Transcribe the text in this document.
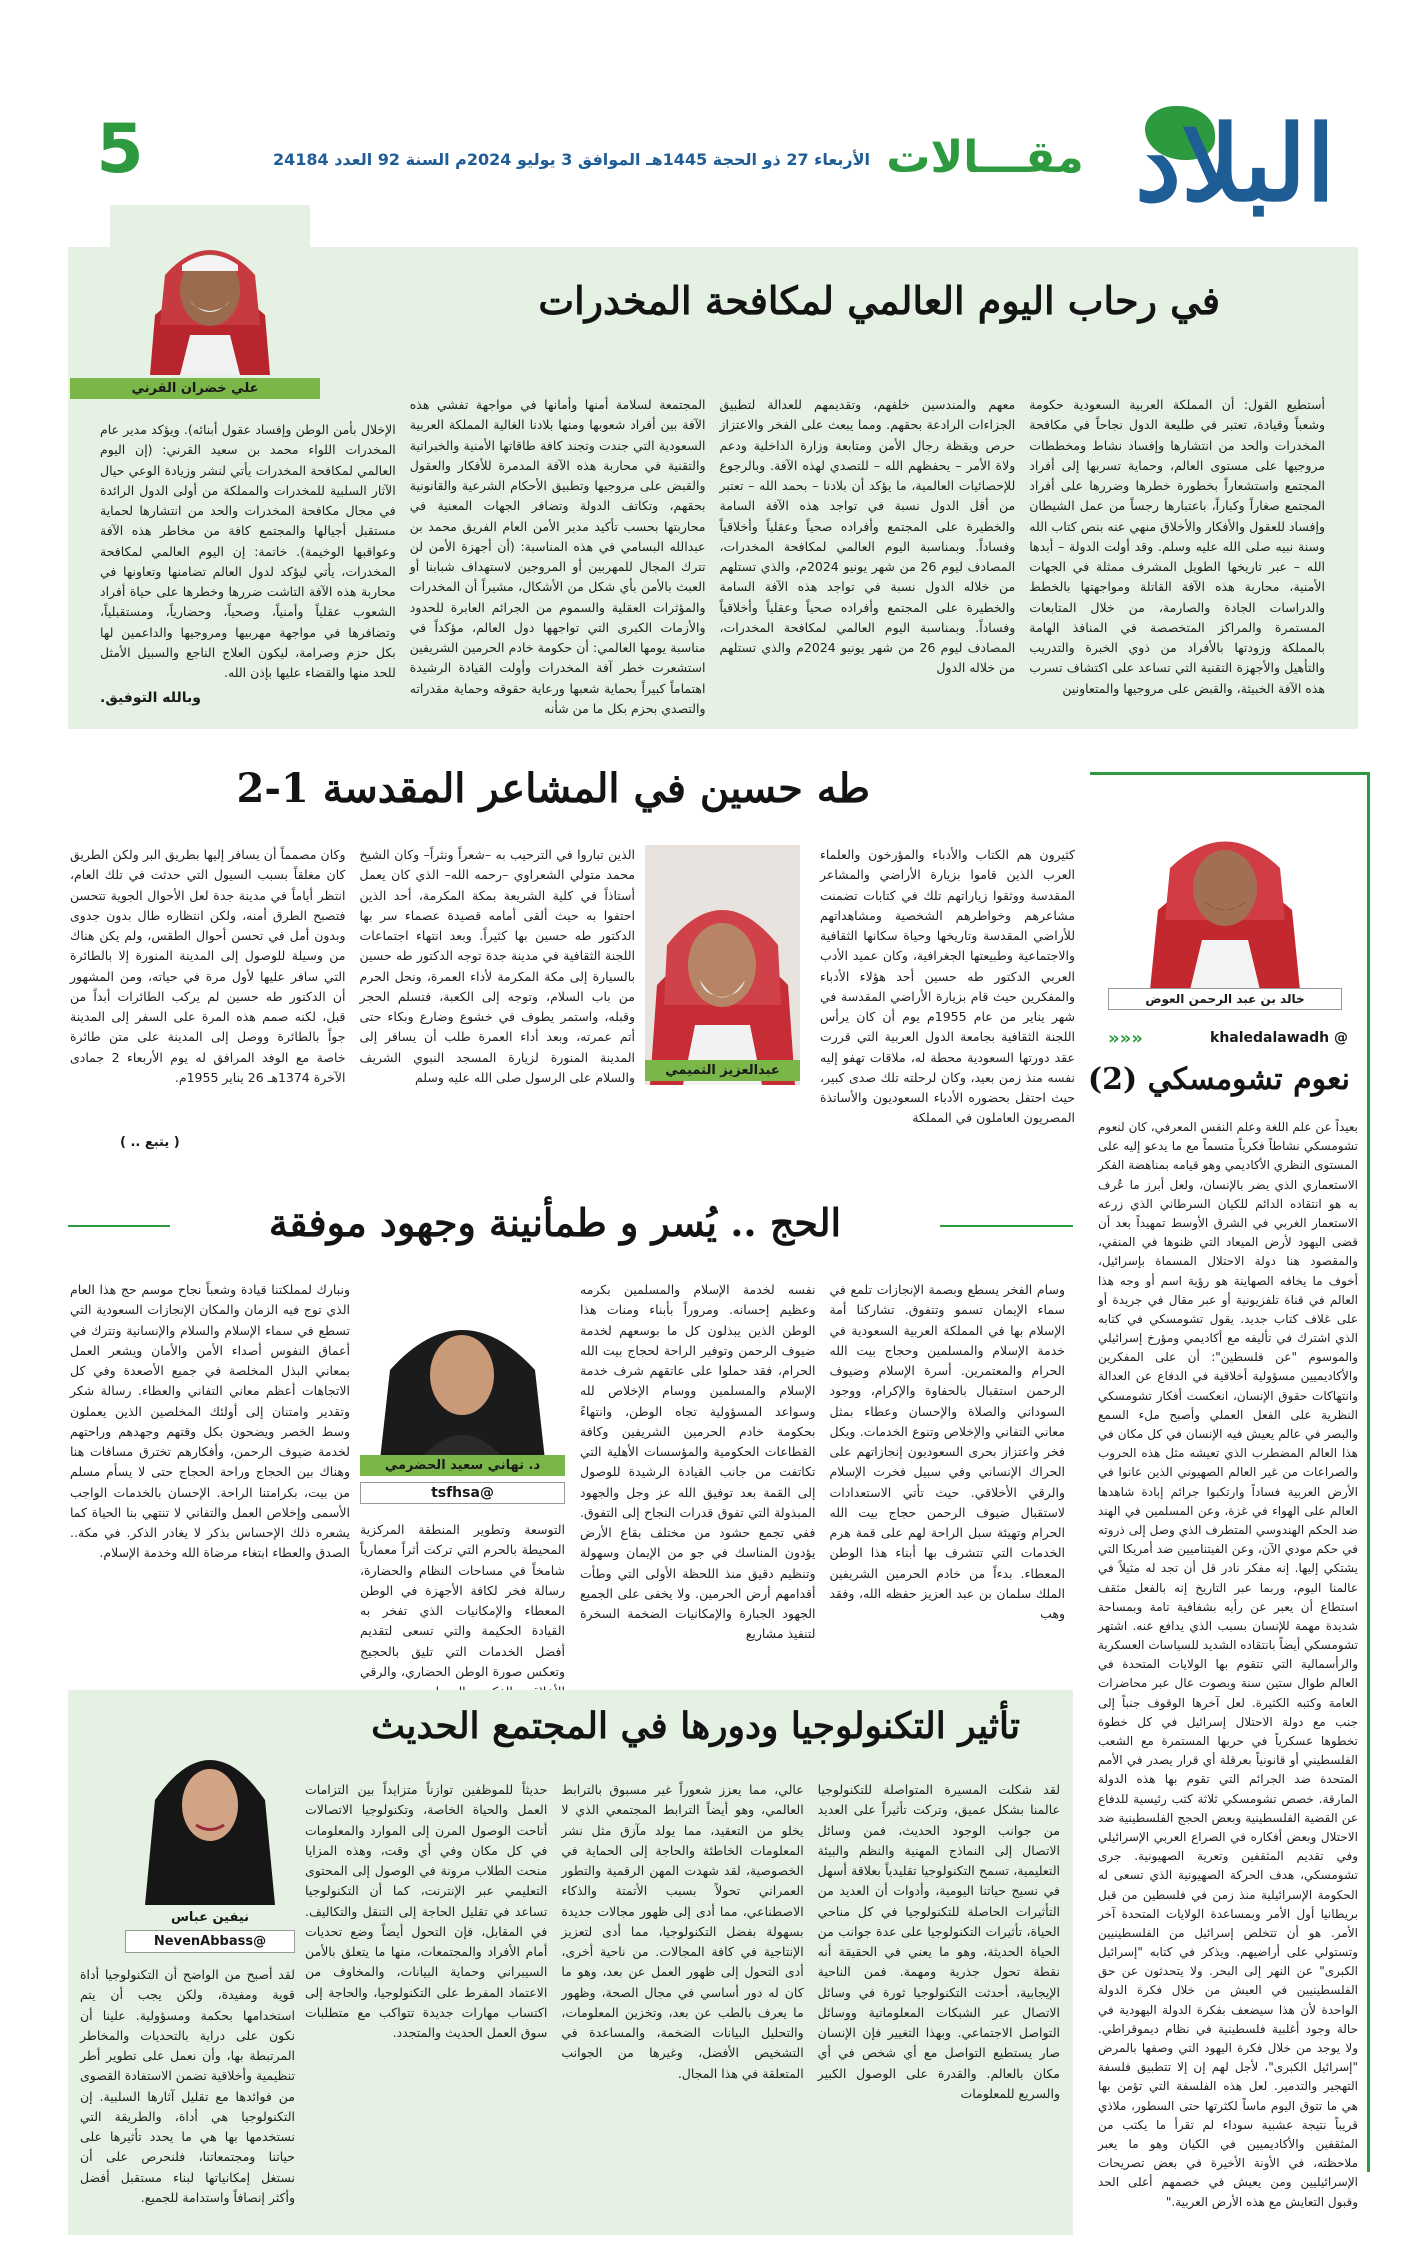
البلاد
مقـــالات
الأربعاء 27 ذو الحجة 1445هـ الموافق 3 يوليو 2024م السنة 92 العدد 24184
5
في رحاب اليوم العالمي لمكافحة المخدرات
علي خضران القرني
أستطيع القول: أن المملكة العربية السعودية حكومة وشعباً وقيادة، تعتبر في طليعة الدول نجاحاً في مكافحة المخدرات والحد من انتشارها وإفساد نشاط ومخططات مروجيها على مستوى العالم، وحماية تسربها إلى أفراد المجتمع واستشعاراً بخطورة خطرها وضررها على أفراد المجتمع صغاراً وكباراً، باعتبارها رجساً من عمل الشيطان وإفساد للعقول والأفكار والأخلاق منهي عنه بنص كتاب الله وسنة نبيه صلى الله عليه وسلم. وقد أولت الدولة – أبدها الله – عبر تاريخها الطويل المشرف ممثلة في الجهات الأمنية، محاربة هذه الآفة القاتلة ومواجهتها بالخطط والدراسات الجادة والصارمة، من خلال المتابعات المستمرة والمراكز المتخصصة في المنافذ الهامة بالمملكة وزودتها بالأفراد من ذوي الخبرة والتدريب والتأهيل والأجهزة التقنية التي تساعد على اكتشاف تسرب هذه الآفة الخبيثة، والقبض على مروجيها والمتعاونين
معهم والمندسين خلفهم، وتقديمهم للعدالة لتطبيق الجزاءات الرادعة بحقهم. ومما يبعث على الفخر والاعتزاز حرص ويقظة رجال الأمن ومتابعة وزارة الداخلية ودعم ولاة الأمر – يحفظهم الله – للتصدي لهذه الآفة. وبالرجوع للإحصائيات العالمية، ما يؤكد أن بلادنا – بحمد الله – تعتبر من أقل الدول نسبة في تواجد هذه الآفة السامة والخطيرة على المجتمع وأفراده صحياً وعقلياً وأخلاقياً وفساداً. وبمناسبة اليوم العالمي لمكافحة المخدرات، المصادف ليوم 26 من شهر يونيو 2024م، والذي تستلهم من خلاله الدول نسبة في تواجد هذه الآفة السامة والخطيرة على المجتمع وأفراده صحياً وعقلياً وأخلاقياً وفساداً. وبمناسبة اليوم العالمي لمكافحة المخدرات، المصادف ليوم 26 من شهر يونيو 2024م والذي تستلهم من خلاله الدول
المجتمعة لسلامة أمنها وأمانها في مواجهة تفشي هذه الآفة بين أفراد شعوبها ومنها بلادنا الغالية المملكة العربية السعودية التي جندت وتجند كافة طاقاتها الأمنية والخبراتية والتقنية في محاربة هذه الآفة المدمرة للأفكار والعقول والقبض على مروجيها وتطبيق الأحكام الشرعية والقانونية بحقهم، وتكاتف الدولة وتضافر الجهات المعنية في محاربتها بحسب تأكيد مدير الأمن العام الفريق محمد بن عبدالله البسامي في هذه المناسبة: (أن أجهزة الأمن لن تترك المجال للمهربين أو المروجين لاستهداف شبابنا أو العبث بالأمن بأي شكل من الأشكال، مشيراً أن المخدرات والمؤثرات العقلية والسموم من الجرائم العابرة للحدود والأزمات الكبرى التي تواجهها دول العالم، مؤكداً في مناسبة يومها العالمي: أن حكومة خادم الحرمين الشريفين استشعرت خطر آفة المخدرات وأولت القيادة الرشيدة اهتماماً كبيراً بحماية شعبها ورعاية حقوقه وحماية مقدراته والتصدي بحزم بكل ما من شأنه
الإخلال بأمن الوطن وإفساد عقول أبنائه). ويؤكد مدير عام المخدرات اللواء محمد بن سعيد القرني: (إن اليوم العالمي لمكافحة المخدرات يأتي لنشر وزيادة الوعي حيال الآثار السلبية للمخدرات والمملكة من أولى الدول الرائدة في مجال مكافحة المخدرات والحد من انتشارها لحماية مستقبل أجيالها والمجتمع كافة من مخاطر هذه الآفة وعواقبها الوخيمة). خاتمة: إن اليوم العالمي لمكافحة المخدرات، يأتي ليؤكد لدول العالم تضامنها وتعاونها في محاربة هذه الآفة التاشت ضررها وخطرها على حياة أفراد الشعوب عقلياً وأمنياً، وصحياً، وحضارياً، ومستقبلياً، وتضافرها في مواجهة مهربيها ومروجيها والداعمين لها بكل حزم وصرامة، ليكون العلاج الناجع والسبيل الأمثل للحد منها والقضاء عليها بإذن الله.
وبالله التوفيق.
خالد بن عبد الرحمن العوض
@ khaledalawadh
«««
نعوم تشومسكي (2)
بعيداً عن علم اللغة وعلم النفس المعرفي، كان لنعوم تشومسكي نشاطاً فكرياً متسماً مع ما يدعو إليه على المستوى النظري الأكاديمي وهو قيامه بمناهضة الفكر الاستعماري الذي يضر بالإنسان، ولعل أبرز ما عُرف به هو انتقاده الدائم للكيان السرطاني الذي زرعه الاستعمار الغربي في الشرق الأوسط تمهيداً بعد أن قضى اليهود لأرض الميعاد التي ظنوها في المنفي، والمقصود هنا دولة الاحتلال المسماة بإسرائيل، أخوف ما يخافه الصهاينة هو رؤية اسم أو وجه هذا العالم في قناة تلفزيونية أو عبر مقال في جريدة أو على غلاف كتاب جديد. يقول تشومسكي في كتابه الذي اشترك في تأليفه مع أكاديمي ومؤرخ إسرائيلي والموسوم "عن فلسطين": أن على المفكرين والأكاديميين مسؤولية أخلاقية في الدفاع عن العدالة وانتهاكات حقوق الإنسان، انعكست أفكار تشومسكي النظرية على الفعل العملي وأصبح ملء السمع والبصر في عالم يعيش فيه الإنسان في كل مكان في هذا العالم المضطرب الذي تعيشه مثل هذه الحروب والصراعات من غير العالم الصهيوني الذين عانوا في الأرض العربية فساداً وارتكبوا جرائم إبادة شاهدها العالم على الهواء في غزة، وعن المسلمين في الهند ضد الحكم الهندوسي المتطرف الذي وصل إلى ذروته في حكم مودي الآن، وعن الفيتناميين ضد أمريكا التي يشتكي إليها. إنه مفكر نادر قل أن تجد له مثيلاً في عالمنا اليوم، وربما عبر التاريخ إنه بالفعل مثقف استطاع أن يعبر عن رأيه بشفافية تامة وبمساحة شديدة مهمة للإنسان بسبب الذي يدافع عنه. اشتهر تشومسكي أيضاً بانتقاده الشديد للسياسات العسكرية والرأسمالية التي تتقوم بها الولايات المتحدة في العالم طوال ستين سنة وبصوت عال عبر محاضرات العامة وكتبه الكثيرة. لعل آخرها الوقوف جنباً إلى جنب مع دولة الاحتلال إسرائيل في كل خطوة تخطوها عسكرياً في حربها المستمرة مع الشعب الفلسطيني أو قانونياً بعرقلة أي قرار يصدر في الأمم المتحدة ضد الجرائم التي تقوم بها هذه الدولة المارقة. خصص تشومسكي ثلاثة كتب رئيسية للدفاع عن القضية الفلسطينية وبعض الحجج الفلسطينية ضد الاحتلال وبعض أفكاره في الصراع العربي الإسرائيلي وفي تقديم المثقفين وتعرية الصهيونية. جرى تشومسكي، هدف الحركة الصهيونية الذي تسعى له الحكومة الإسرائيلية منذ زمن في فلسطين من قبل بريطانيا أول الأمر وبمساعدة الولايات المتحدة آخر الأمر. هو أن تتخلص إسرائيل من الفلسطينيين وتستولي على أراضيهم. ويذكر في كتابه "إسرائيل الكبرى" عن النهر إلى البحر. ولا يتحدثون عن حق الفلسطينيين في العيش من خلال فكرة الدولة الواحدة لأن هذا سيضعف بفكرة الدولة اليهودية في حالة وجود أغلبية فلسطينية في نظام ديموقراطي. ولا يوجد من خلال فكرة اليهود التي وصفها بالمرض "إسرائيل الكبرى"، لأجل لهم إن إلا تتطبيق فلسفة التهجير والتدمير. لعل هذه الفلسفة التي تؤمن بها هي ما تتوق اليوم ماساً لكثرتها حتى السطور، ملاذي قريباً نتيجة عشبية سوداء لم تقرأ ما يكتب من المثقفين والأكاديميين في الكيان وهو ما يعبر ملاحظته، في الأونة الأخيرة في بعض تصريحات الإسرائيليين ومن يعيش في خصمهم أعلى الحد وقبول التعايش مع هذه الأرض العربية."
طه حسين في المشاعر المقدسة 1-2
عبدالعزيز التميمي
كثيرون هم الكتاب والأدباء والمؤرخون والعلماء العرب الذين قاموا بزيارة الأراضي والمشاعر المقدسة ووثقوا زياراتهم تلك في كتابات تضمنت مشاعرهم وخواطرهم الشخصية ومشاهداتهم للأراضي المقدسة وتاريخها وحياة سكانها الثقافية والاجتماعية وطبيعتها الجغرافية، وكان عميد الأدب العربي الدكتور طه حسين أحد هؤلاء الأدباء والمفكرين حيث قام بزيارة الأراضي المقدسة في شهر يناير من عام 1955م يوم أن كان يرأس اللجنة الثقافية بجامعة الدول العربية التي قررت عقد دورتها السعودية محطة له، ملاقات تهفو إليه نفسه منذ زمن بعيد، وكان لرحلته تلك صدى كبير، حيث احتفل بحضوره الأدباء السعوديون والأساتذة المصريون العاملون في المملكة
الذين تباروا في الترحيب به –شعراً ونثراً– وكان الشيخ محمد متولي الشعراوي –رحمه الله– الذي كان يعمل أستاذاً في كلية الشريعة بمكة المكرمة، أحد الذين احتفوا به حيث ألقى أمامه قصيدة عصماء سر بها الدكتور طه حسين بها كثيراً. وبعد انتهاء اجتماعات اللجنة الثقافية في مدينة جدة توجه الدكتور طه حسين بالسيارة إلى مكة المكرمة لأداء العمرة، ونحل الحرم من باب السلام، وتوجه إلى الكعبة، فتسلم الحجر وقبله، واستمر يطوف في خشوع وضارع وبكاء حتى أتم عمرته، وبعد أداء العمرة طلب أن يسافر إلى المدينة المنورة لزيارة المسجد النبوي الشريف والسلام على الرسول صلى الله عليه وسلم
وكان مصمماً أن يسافر إليها بطريق البر ولكن الطريق كان مغلقاً بسبب السيول التي حدثت في تلك العام، انتظر أياماً في مدينة جدة لعل الأحوال الجوية تتحسن فتصبح الطرق أمنه، ولكن انتظاره طال بدون جدوى وبدون أمل في تحسن أحوال الطقس، ولم يكن هناك من وسيلة للوصول إلى المدينة المنورة إلا بالطائرة التي سافر عليها لأول مرة في حياته، ومن المشهور أن الدكتور طه حسين لم يركب الطائرات أبداً من قبل، لكنه صمم هذه المرة على السفر إلى المدينة جواً بالطائرة ووصل إلى المدينة على متن طائرة خاصة مع الوفد المرافق له يوم الأربعاء 2 جمادى الآخرة 1374هـ 26 يناير 1955م.
( يتبع .. )
الحج .. يُسر و طمأنينة وجهود موفقة
د. تهاني سعيد الحضرمي
@tsfhsa
وسام الفخر يسطع وبصمة الإنجازات تلمع في سماء الإيمان تسمو وتتفوق. تشاركنا أمة الإسلام بها في المملكة العربية السعودية في خدمة الإسلام والمسلمين وحجاج بيت الله الحرام والمعتمرين. أسرة الإسلام وضيوف الرحمن استقبال بالحفاوة والإكرام، ووجود السوداني والصلاة والإحسان وعطاء بمثل معاني التفاني والإخلاص وتنوع الخدمات. ويكل فخر واعتزاز بحرى السعوديون إنجازاتهم على الحراك الإنساني وفي سبيل فخرت الإسلام والرقي الأخلاقي. حيث تأتي الاستعدادات لاستقبال ضيوف الرحمن حجاج بيت الله الحرام وتهيئة سبل الراحة لهم على قمة هرم الخدمات التي تتشرف بها أبناء هذا الوطن المعطاء. بدءاً من خادم الحرمين الشريفين الملك سلمان بن عبد العزيز حفظه الله، وفقد وهب
نفسه لخدمة الإسلام والمسلمين بكرمه وعظيم إحسانه. ومروراً بأبناء ومنات هذا الوطن الذين يبذلون كل ما بوسعهم لخدمة ضيوف الرحمن وتوفير الراحة لحجاج بيت الله الحرام، فقد حملوا على عاتقهم شرف خدمة الإسلام والمسلمين ووسام الإخلاص لله وسواعد المسؤولية تجاه الوطن، وانتهاءً بحكومة خادم الحرمين الشريفين وكافة القطاعات الحكومية والمؤسسات الأهلية التي تكاتفت من جانب القيادة الرشيدة للوصول إلى القمة بعد توفيق الله عز وجل والجهود المبذولة التي تفوق قدرات النجاح إلى التفوق. ففي تجمع حشود من مختلف بقاع الأرض يؤدون المناسك في جو من الإيمان وسهولة وتنظيم دقيق منذ اللحظة الأولى التي وطأت أقدامهم أرض الحرمين. ولا يخفى على الجميع الجهود الجبارة والإمكانيات الضخمة السخرة لتنفيذ مشاريع
التوسعة وتطوير المنطقة المركزية المحيطة بالحرم التي تركت أثراً معمارياً شامخاً في مساحات النظام والحضارة، رسالة فخر لكافة الأجهزة في الوطن المعطاء والإمكانيات الذي تفخر به القيادة الحكيمة والتي تسعى لتقديم أفضل الخدمات التي تليق بالحجيج وتعكس صورة الوطن الحضاري، والرقي
ونبارك لمملكتنا قيادة وشعباً نجاح موسم حج هذا العام الذي توج فيه الزمان والمكان الإنجازات السعودية التي تسطع في سماء الإسلام والسلام والإنسانية وتترك في أعماق النفوس أصداء الأمن والأمان ويشعر العمل بمعاني البذل المخلصة في جميع الأصعدة وفي كل الاتجاهات أعظم معاني التفاني والعطاء. رسالة شكر وتقدير وامتنان إلى أولئك المخلصين الذين يعملون وسط الخصر ويضحون بكل وقتهم وجهدهم وراحتهم لخدمة ضيوف الرحمن، وأفكارهم تخترق مسافات هنا وهناك بين الحجاج وراحة الحجاج حتى لا يسأم مسلم من بيت، بكرامتنا الراحة. الإحسان بالخدمات الواجب الأسمى وإخلاص العمل والتفاني لا تنتهي بنا الحياة كما يشعره ذلك الإحساس بذكر لا يغادر الذكر. في مكة.. الصدق والعطاء ابتغاء مرضاة الله وخدمة الإسلام.
تأثير التكنولوجيا ودورها في المجتمع الحديث
نيفين عباس
@NevenAbbass
لقد شكلت المسيرة المتواصلة للتكنولوجيا عالمنا بشكل عميق، وتركت تأثيراً على العديد من جوانب الوجود الحديث، فمن وسائل الاتصال إلى النماذج المهنية والنظم والبيئة التعليمية، تسمح التكنولوجيا تقليدياً بعلاقة أسهل في نسيج حياتنا اليومية، وأدوات أن العديد من التأثيرات الحاصلة للتكنولوجيا في كل مناحي الحياة، تأثيرات التكنولوجيا على عدة جوانب من الحياة الحديثة، وهو ما يعني في الحقيقة أنه نقطة تحول جذرية ومهمة. فمن الناحية الإيجابية، أحدثت التكنولوجيا ثورة في وسائل الاتصال عبر الشبكات المعلوماتية ووسائل التواصل الاجتماعي. وبهذا التغيير فإن الإنسان صار يستطيع التواصل مع أي شخص في أي مكان بالعالم. والقدرة على الوصول الكبير والسريع للمعلومات
عالي، مما يعزز شعوراً غير مسبوق بالترابط العالمي، وهو أيضاً الترابط المجتمعي الذي لا يخلو من التعقيد، مما يولد مآزق مثل نشر المعلومات الخاطئة والحاجة إلى الحماية في الخصوصية، لقد شهدت المهن الرقمية والتطور العمراني تحولاً بسبب الأتمتة والذكاء الاصطناعي، مما أدى إلى ظهور مجالات جديدة بسهولة بفضل التكنولوجيا، مما أدى لتعزيز الإنتاجية في كافة المجالات. من ناحية أخرى، أدى التحول إلى ظهور العمل عن بعد، وهو ما كان له دور أساسي في مجال الصحة، وظهور ما يعرف بالطب عن بعد، وتخزين المعلومات، والتحليل البيانات الضخمة، والمساعدة في التشخيص الأفضل، وغيرها من الجوانب المتعلقة في هذا المجال.
حديثاً للموظفين توازناً متزايداً بين التزامات العمل والحياة الخاصة، وتكنولوجيا الاتصالات أتاحت الوصول المرن إلى الموارد والمعلومات في كل مكان وفي أي وقت، وهذه المزايا منحت الطلاب مرونة في الوصول إلى المحتوى التعليمي عبر الإنترنت، كما أن التكنولوجيا تساعد في تقليل الحاجة إلى التنقل والتكاليف. في المقابل، فإن التحول أيضاً وضع تحديات أمام الأفراد والمجتمعات، منها ما يتعلق بالأمن السيبراني وحماية البيانات، والمخاوف من الاعتماد المفرط على التكنولوجيا، والحاجة إلى اكتساب مهارات جديدة تتواكب مع متطلبات سوق العمل الحديث والمتجدد.
لقد أصبح من الواضح أن التكنولوجيا أداة قوية ومفيدة، ولكن يجب أن يتم استخدامها بحكمة ومسؤولية. علينا أن نكون على دراية بالتحديات والمخاطر المرتبطة بها، وأن نعمل على تطوير أطر تنظيمية وأخلاقية تضمن الاستفادة القصوى من فوائدها مع تقليل آثارها السلبية. إن التكنولوجيا هي أداة، والطريقة التي نستخدمها بها هي ما يحدد تأثيرها على حياتنا ومجتمعاتنا، فلنحرص على أن نستغل إمكانياتها لبناء مستقبل أفضل وأكثر إنصافاً واستدامة للجميع.
